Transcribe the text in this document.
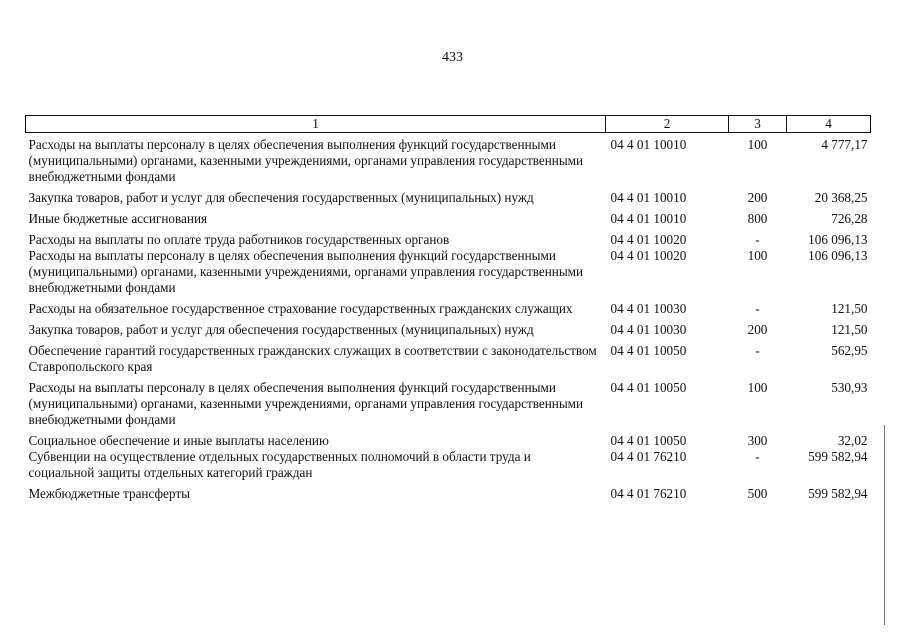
433
1	2	3	4
Расходы на выплаты персоналу в целях обеспечения выполнения функций государственными (муниципальными) органами, казенными учреждениями, органами управления государственными внебюджетными фондами	04 4 01 10010	100	4 777,17
Закупка товаров, работ и услуг для обеспечения государственных (муниципальных) нужд	04 4 01 10010	200	20 368,25
Иные бюджетные ассигнования	04 4 01 10010	800	726,28
Расходы на выплаты по оплате труда работников государственных органов	04 4 01 10020	-	106 096,13
Расходы на выплаты персоналу в целях обеспечения выполнения функций государственными (муниципальными) органами, казенными учреждениями, органами управления государственными внебюджетными фондами	04 4 01 10020	100	106 096,13
Расходы на обязательное государственное страхование государственных гражданских служащих	04 4 01 10030	-	121,50
Закупка товаров, работ и услуг для обеспечения государственных (муниципальных) нужд	04 4 01 10030	200	121,50
Обеспечение гарантий государственных гражданских служащих в соответствии с законодательством Ставропольского края	04 4 01 10050	-	562,95
Расходы на выплаты персоналу в целях обеспечения выполнения функций государственными (муниципальными) органами, казенными учреждениями, органами управления государственными внебюджетными фондами	04 4 01 10050	100	530,93
Социальное обеспечение и иные выплаты населению	04 4 01 10050	300	32,02
Субвенции на осуществление отдельных государственных полномочий в области труда и социальной защиты отдельных категорий граждан	04 4 01 76210	-	599 582,94
Межбюджетные трансферты	04 4 01 76210	500	599 582,94
